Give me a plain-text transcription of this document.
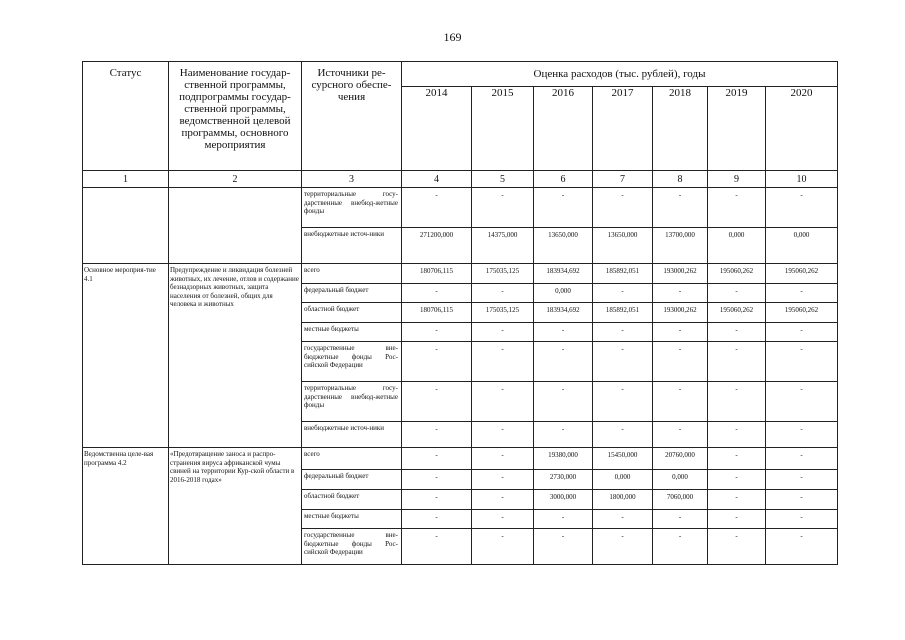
169
Статус	Наименование государ-ственной программы, подпрограммы государ-ственной программы, ведомственной целевой программы, основного мероприятия	Источники ре-сурсного обеспе-чения	Оценка расходов (тыс. рублей), годы						
			2014	2015	2016	2017	2018	2019	2020
1	2	3	4	5	6	7	8	9	10
		территориальные госу-дарственные внебюд-жетные фонды	-	-	-	-	-	-	-
		внебюджетные источ-ники	271200,000	14375,000	13650,000	13650,000	13700,000	0,000	0,000
Основное мероприя-тие 4.1	Предупреждение и ликвидация болезней животных, их лечение, отлов и содержание безнадзорных животных, защита населения от болезней, общих для человека и животных	всего	180706,115	175035,125	183934,692	185892,051	193000,262	195060,262	195060,262
		федеральный бюджет	-	-	0,000	-	-	-	-
		областной бюджет	180706,115	175035,125	183934,692	185892,051	193000,262	195060,262	195060,262
		местные бюджеты	-	-	-	-	-	-	-
		государственные вне-бюджетные фонды Рос-сийской Федерации	-	-	-	-	-	-	-
		территориальные госу-дарственные внебюд-жетные фонды	-	-	-	-	-	-	-
		внебюджетные источ-ники	-	-	-	-	-	-	-
Ведомственна целе-вая программа 4.2	«Предотвращение заноса и распро-странения вируса африканской чумы свиней на территории Кур-ской области в 2016-2018 годах»	всего	-	-	19380,000	15450,000	20760,000	-	-
		федеральный бюджет	-	-	2730,000	0,000	0,000	-	-
		областной бюджет	-	-	3000,000	1800,000	7060,000	-	-
		местные бюджеты	-	-	-	-	-	-	-
		государственные вне-бюджетные фонды Рос-сийской Федерации	-	-	-	-	-	-	-
